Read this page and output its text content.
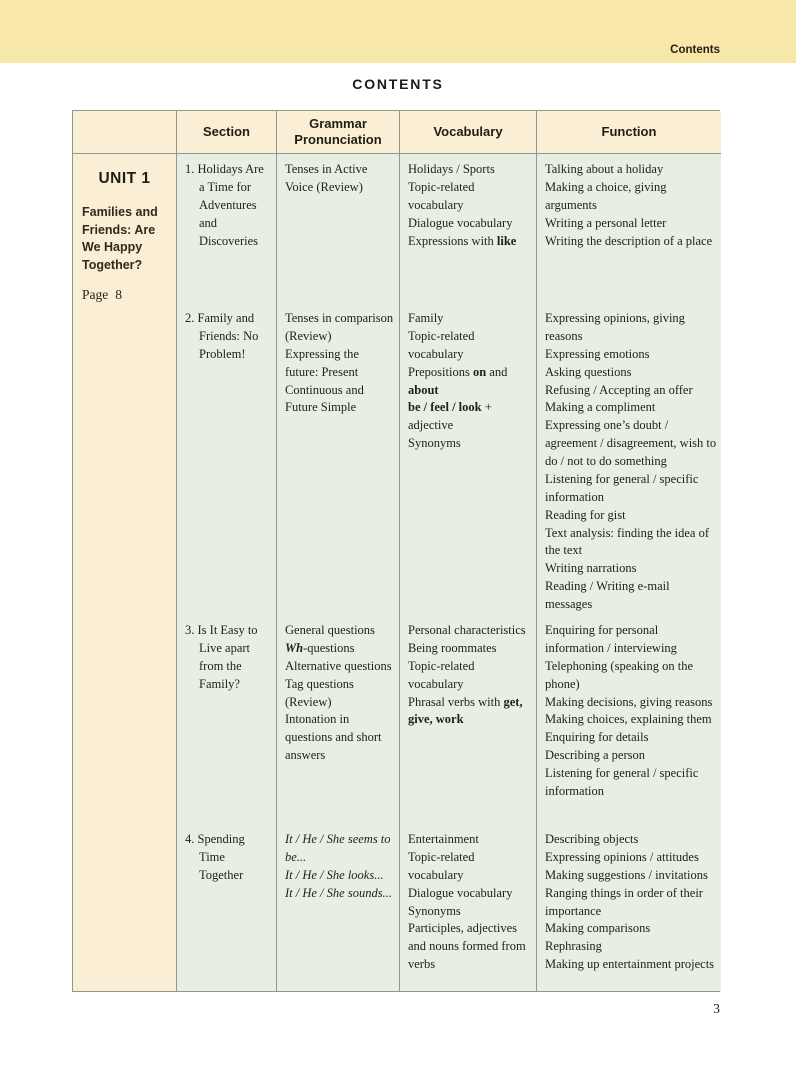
Contents
CONTENTS
Section
Grammar Pronunciation
Vocabulary	Function
UNIT 1
Families and Friends: Are We Happy Together?
Page 8
1. Holidays Are a Time for Adventures and Discoveries
Tenses in Active Voice (Review)
Holidays / Sports
Topic-related vocabulary
Dialogue vocabulary
Expressions with like
Talking about a holiday
Making a choice, giving arguments
Writing a personal letter
Writing the description of a place
2. Family and Friends: No Problem!
Tenses in comparison (Review)
Expressing the future: Present Continuous and Future Simple
Family
Topic-related vocabulary
Prepositions on and about
be / feel / look + adjective
Synonyms
Expressing opinions, giving reasons
Expressing emotions
Asking questions
Refusing / Accepting an offer
Making a compliment
Expressing one’s doubt / agreement / disagreement, wish to do / not to do something
Listening for general / specific information
Reading for gist
Text analysis: finding the idea of the text
Writing narrations
Reading / Writing e-mail messages
3. Is It Easy to Live apart from the Family?
General questions
Wh-questions
Alternative questions
Tag questions (Review)
Intonation in questions and short answers
Personal characteristics
Being roommates
Topic-related vocabulary
Phrasal verbs with get, give, work
Enquiring for personal information / interviewing
Telephoning (speaking on the phone)
Making decisions, giving reasons
Making choices, explaining them
Enquiring for details
Describing a person
Listening for general / specific information
4. Spending Time Together
It / He / She seems to be...
It / He / She looks...
It / He / She sounds...
Entertainment
Topic-related vocabulary
Dialogue vocabulary
Synonyms
Participles, adjectives and nouns formed from verbs
Describing objects
Expressing opinions / attitudes
Making suggestions / invitations
Ranging things in order of their importance
Making comparisons
Rephrasing
Making up entertainment projects
3
